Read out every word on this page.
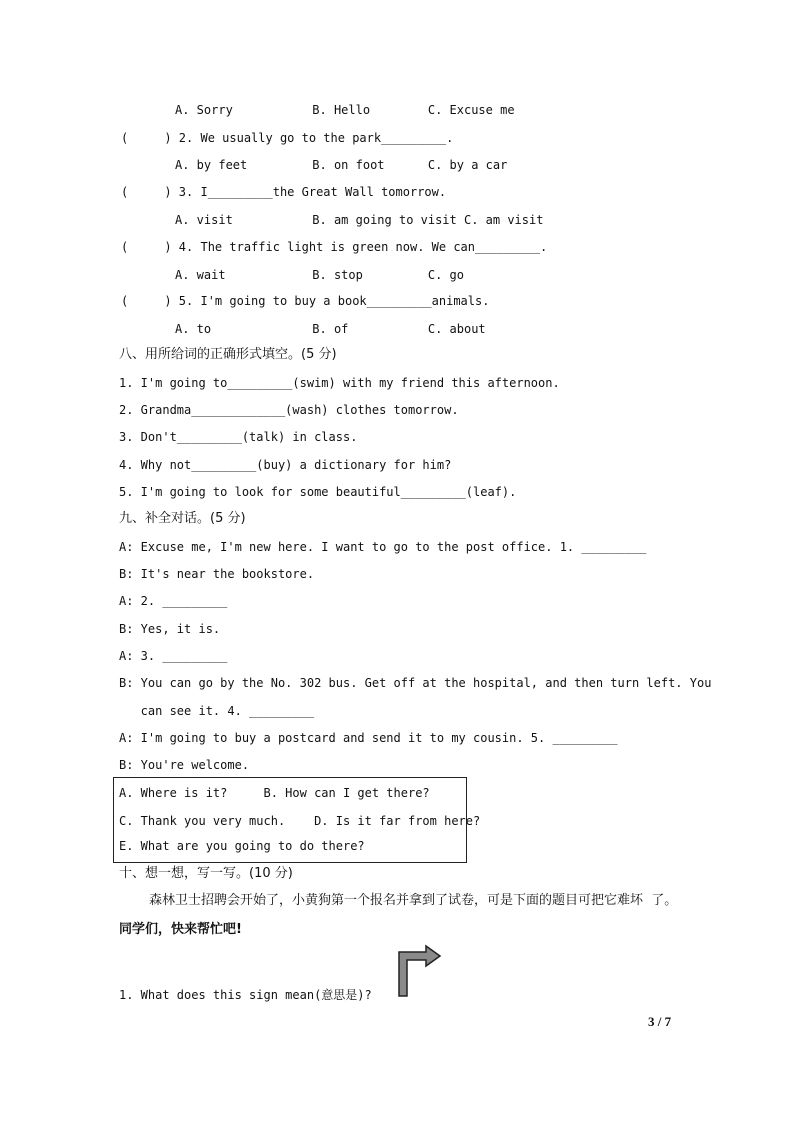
A. Sorry           B. Hello        C. Excuse me
(     ) 2. We usually go to the park_________.
A. by feet         B. on foot      C. by a car
(     ) 3. I_________the Great Wall tomorrow.
A. visit           B. am going to visit C. am visit
(     ) 4. The traffic light is green now. We can_________.
A. wait            B. stop         C. go
(     ) 5. I'm going to buy a book_________animals.
A. to              B. of           C. about
八、用所给词的正确形式填空。(5 分)
1. I'm going to_________(swim) with my friend this afternoon.
2. Grandma_____________(wash) clothes tomorrow.
3. Don't_________(talk) in class.
4. Why not_________(buy) a dictionary for him?
5. I'm going to look for some beautiful_________(leaf).
九、补全对话。(5 分)
A: Excuse me, I'm new here. I want to go to the post office. 1. _________
B: It's near the bookstore.
A: 2. _________
B: Yes, it is.
A: 3. _________
B: You can go by the No. 302 bus. Get off at the hospital, and then turn left. You
can see it. 4. _________
A: I'm going to buy a postcard and send it to my cousin. 5. _________
B: You're welcome.
A. Where is it?     B. How can I get there?
C. Thank you very much.    D. Is it far from here?
E. What are you going to do there?
十、想一想，写一写。(10 分)
森林卫士招聘会开始了，小黄狗第一个报名并拿到了试卷，可是下面的题目可把它难坏  了。
同学们，快来帮忙吧!
1. What does this sign mean(意思是)?
3 / 7
